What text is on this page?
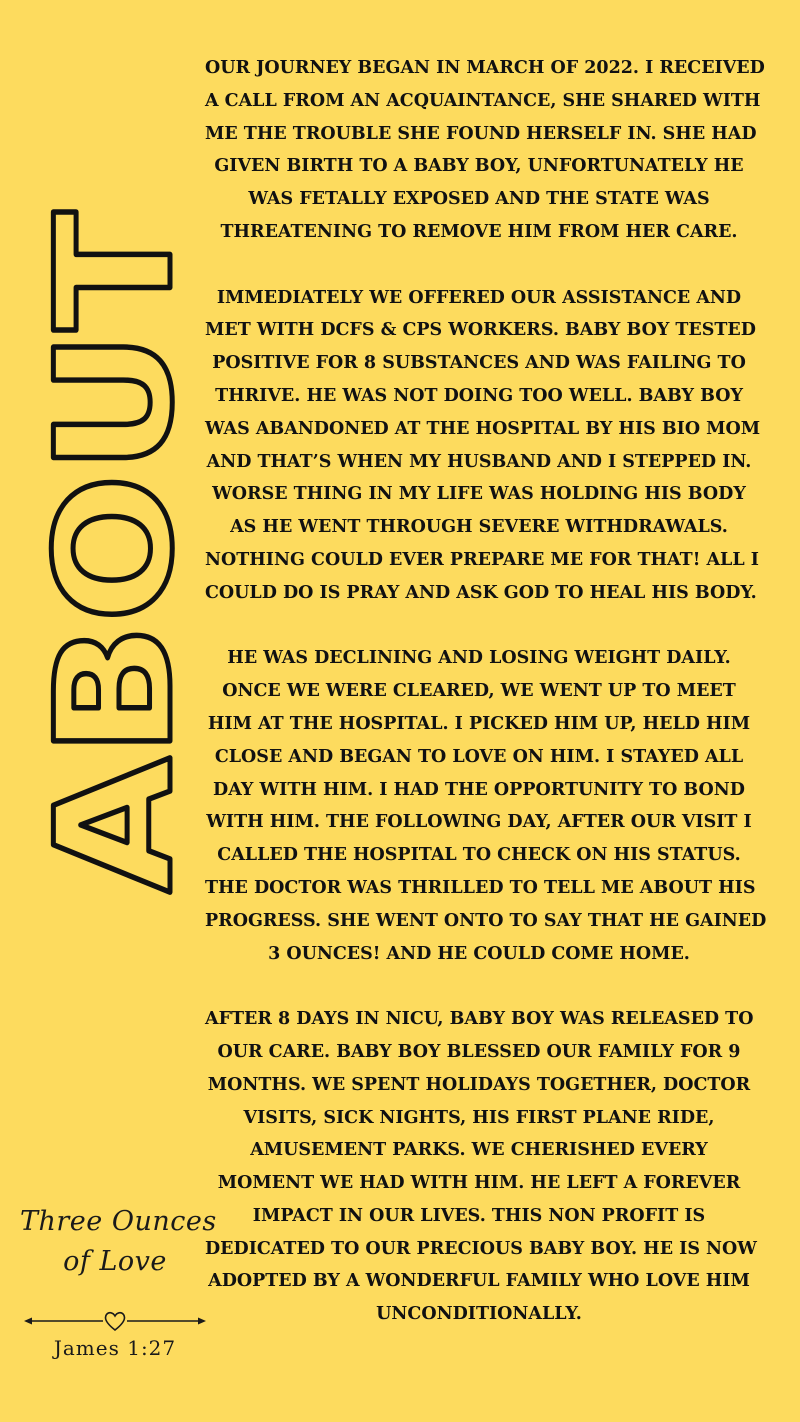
ABOUT

OUR JOURNEY BEGAN IN MARCH OF 2022. I RECEIVED
A CALL FROM AN ACQUAINTANCE, SHE SHARED WITH
ME THE TROUBLE SHE FOUND HERSELF IN. SHE HAD
GIVEN BIRTH TO A BABY BOY, UNFORTUNATELY HE
WAS FETALLY EXPOSED AND THE STATE WAS
THREATENING TO REMOVE HIM FROM HER CARE.

IMMEDIATELY WE OFFERED OUR ASSISTANCE AND
MET WITH DCFS & CPS WORKERS. BABY BOY TESTED
POSITIVE FOR 8 SUBSTANCES AND WAS FAILING TO
THRIVE. HE WAS NOT DOING TOO WELL. BABY BOY
WAS ABANDONED AT THE HOSPITAL BY HIS BIO MOM
AND THAT’S WHEN MY HUSBAND AND I STEPPED IN.
WORSE THING IN MY LIFE WAS HOLDING HIS BODY
AS HE WENT THROUGH SEVERE WITHDRAWALS.
NOTHING COULD EVER PREPARE ME FOR THAT! ALL I
COULD DO IS PRAY AND ASK GOD TO HEAL HIS BODY.

HE WAS DECLINING AND LOSING WEIGHT DAILY.
ONCE WE WERE CLEARED, WE WENT UP TO MEET
HIM AT THE HOSPITAL. I PICKED HIM UP, HELD HIM
CLOSE AND BEGAN TO LOVE ON HIM. I STAYED ALL
DAY WITH HIM. I HAD THE OPPORTUNITY TO BOND
WITH HIM. THE FOLLOWING DAY, AFTER OUR VISIT I
CALLED THE HOSPITAL TO CHECK ON HIS STATUS.
THE DOCTOR WAS THRILLED TO TELL ME ABOUT HIS
PROGRESS. SHE WENT ONTO TO SAY THAT HE GAINED
3 OUNCES! AND HE COULD COME HOME.

AFTER 8 DAYS IN NICU, BABY BOY WAS RELEASED TO
OUR CARE. BABY BOY BLESSED OUR FAMILY FOR 9
MONTHS. WE SPENT HOLIDAYS TOGETHER, DOCTOR
VISITS, SICK NIGHTS, HIS FIRST PLANE RIDE,
AMUSEMENT PARKS. WE CHERISHED EVERY
MOMENT WE HAD WITH HIM. HE LEFT A FOREVER
IMPACT IN OUR LIVES. THIS NON PROFIT IS
DEDICATED TO OUR PRECIOUS BABY BOY. HE IS NOW
ADOPTED BY A WONDERFUL FAMILY WHO LOVE HIM
UNCONDITIONALLY.

Three Ounces
of Love
James 1:27
